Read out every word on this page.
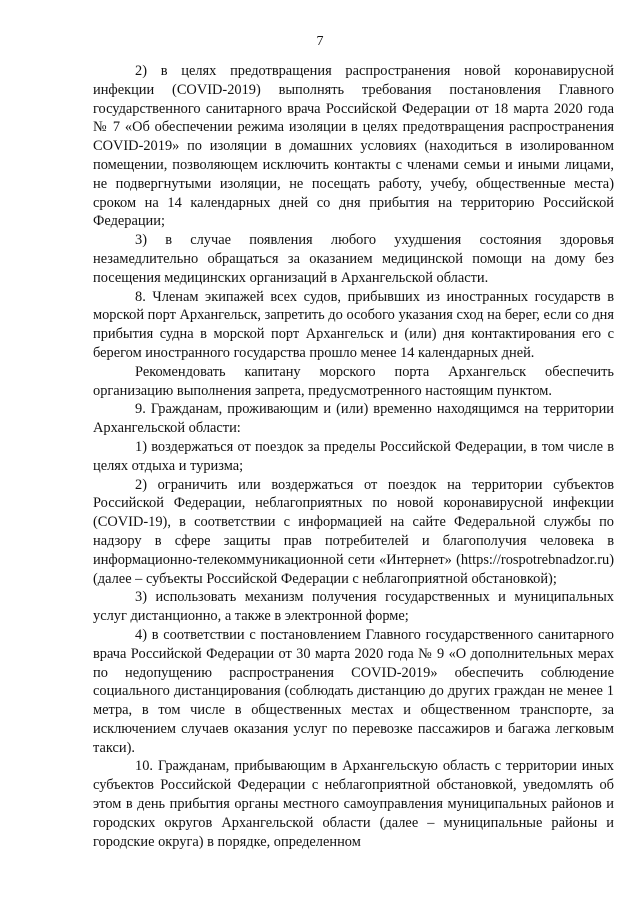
7

2) в целях предотвращения распространения новой коронавирусной инфекции (COVID-2019) выполнять требования постановления Главного государственного санитарного врача Российской Федерации от 18 марта 2020 года № 7 «Об обеспечении режима изоляции в целях предотвращения распространения COVID-2019» по изоляции в домашних условиях (находиться в изолированном помещении, позволяющем исключить контакты с членами семьи и иными лицами, не подвергнутыми изоляции, не посещать работу, учебу, общественные места) сроком на 14 календарных дней со дня прибытия на территорию Российской Федерации;

3) в случае появления любого ухудшения состояния здоровья незамедлительно обращаться за оказанием медицинской помощи на дому без посещения медицинских организаций в Архангельской области.

8. Членам экипажей всех судов, прибывших из иностранных государств в морской порт Архангельск, запретить до особого указания сход на берег, если со дня прибытия судна в морской порт Архангельск и (или) дня контактирования его с берегом иностранного государства прошло менее 14 календарных дней.

Рекомендовать капитану морского порта Архангельск обеспечить организацию выполнения запрета, предусмотренного настоящим пунктом.

9. Гражданам, проживающим и (или) временно находящимся на территории Архангельской области:

1) воздержаться от поездок за пределы Российской Федерации, в том числе в целях отдыха и туризма;

2) ограничить или воздержаться от поездок на территории субъектов Российской Федерации, неблагоприятных по новой коронавирусной инфекции (COVID-19), в соответствии с информацией на сайте Федеральной службы по надзору в сфере защиты прав потребителей и благополучия человека в информационно-телекоммуникационной сети «Интернет» (https://rospotrebnadzor.ru) (далее – субъекты Российской Федерации с неблагоприятной обстановкой);

3) использовать механизм получения государственных и муниципальных услуг дистанционно, а также в электронной форме;

4) в соответствии с постановлением Главного государственного санитарного врача Российской Федерации от 30 марта 2020 года № 9 «О дополнительных мерах по недопущению распространения COVID-2019» обеспечить соблюдение социального дистанцирования (соблюдать дистанцию до других граждан не менее 1 метра, в том числе в общественных местах и общественном транспорте, за исключением случаев оказания услуг по перевозке пассажиров и багажа легковым такси).

10. Гражданам, прибывающим в Архангельскую область с территории иных субъектов Российской Федерации с неблагоприятной обстановкой, уведомлять об этом в день прибытия органы местного самоуправления муниципальных районов и городских округов Архангельской области (далее – муниципальные районы и городские округа) в порядке, определенном
